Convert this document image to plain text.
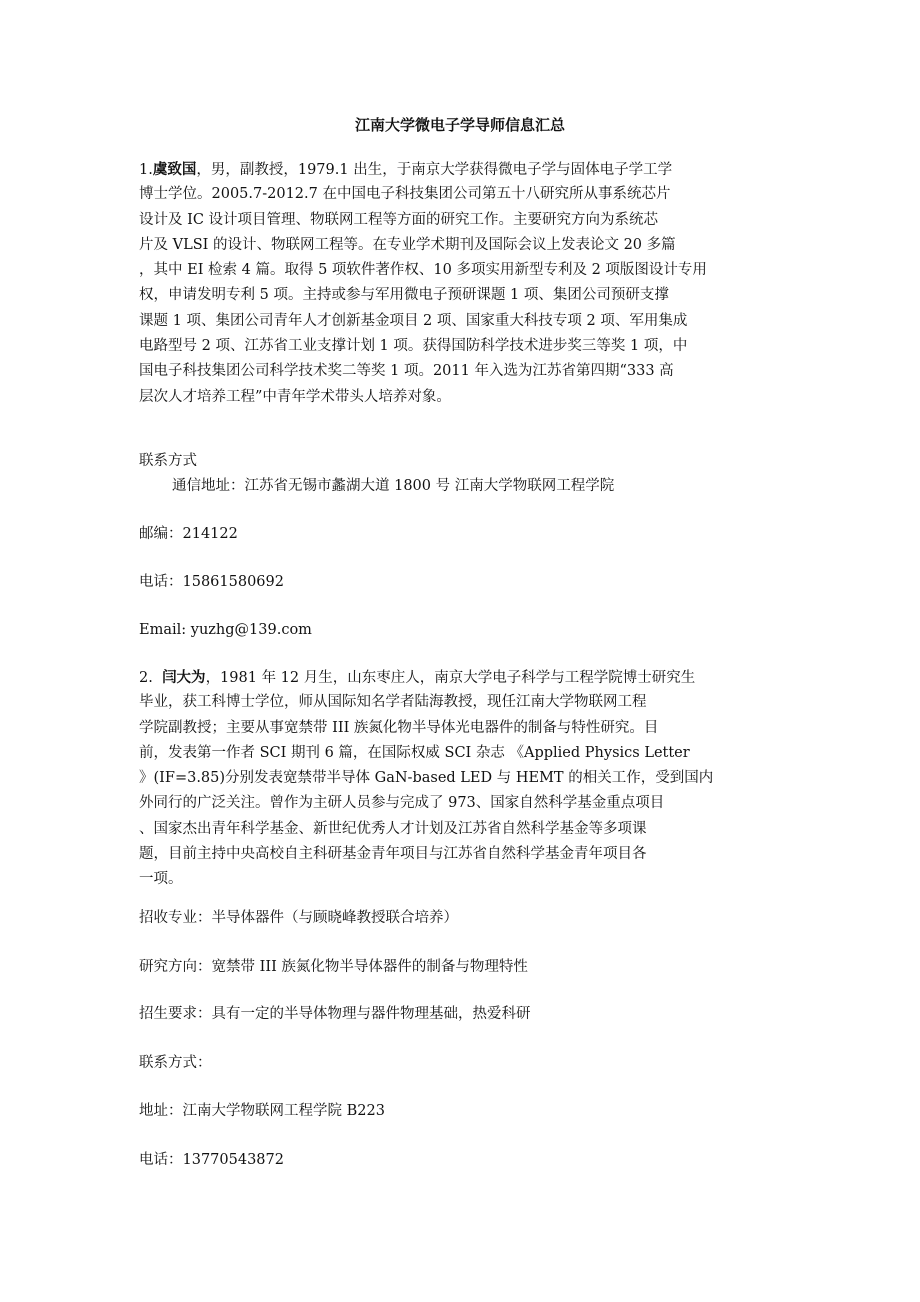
江南大学微电子学导师信息汇总
1.虞致国，男，副教授，1979.1 出生，于南京大学获得微电子学与固体电子学工学
博士学位。2005.7-2012.7 在中国电子科技集团公司第五十八研究所从事系统芯片
设计及 IC 设计项目管理、物联网工程等方面的研究工作。主要研究方向为系统芯
片及 VLSI 的设计、物联网工程等。在专业学术期刊及国际会议上发表论文 20 多篇
，其中 EI 检索 4 篇。取得 5 项软件著作权、10 多项实用新型专利及 2 项版图设计专用
权，申请发明专利 5 项。主持或参与军用微电子预研课题 1 项、集团公司预研支撑
课题 1 项、集团公司青年人才创新基金项目 2 项、国家重大科技专项 2 项、军用集成
电路型号 2 项、江苏省工业支撑计划 1 项。获得国防科学技术进步奖三等奖 1 项，中
国电子科技集团公司科学技术奖二等奖 1 项。2011 年入选为江苏省第四期“333 高
层次人才培养工程”中青年学术带头人培养对象。
联系方式
通信地址：江苏省无锡市蠡湖大道 1800 号 江南大学物联网工程学院
邮编：214122
电话：15861580692
Email: yuzhg@139.com
2.  闫大为，1981 年 12 月生，山东枣庄人，南京大学电子科学与工程学院博士研究生
毕业，获工科博士学位，师从国际知名学者陆海教授，现任江南大学物联网工程
学院副教授；主要从事宽禁带 III 族氮化物半导体光电器件的制备与特性研究。目
前，发表第一作者 SCI 期刊 6 篇，在国际权威 SCI 杂志 《Applied Physics Letter
》(IF=3.85)分别发表宽禁带半导体 GaN-based LED 与 HEMT 的相关工作，受到国内
外同行的广泛关注。曾作为主研人员参与完成了 973、国家自然科学基金重点项目
、国家杰出青年科学基金、新世纪优秀人才计划及江苏省自然科学基金等多项课
题，目前主持中央高校自主科研基金青年项目与江苏省自然科学基金青年项目各
一项。
招收专业：半导体器件（与顾晓峰教授联合培养）
研究方向：宽禁带 III 族氮化物半导体器件的制备与物理特性
招生要求：具有一定的半导体物理与器件物理基础，热爱科研
联系方式：
地址：江南大学物联网工程学院 B223
电话：13770543872
